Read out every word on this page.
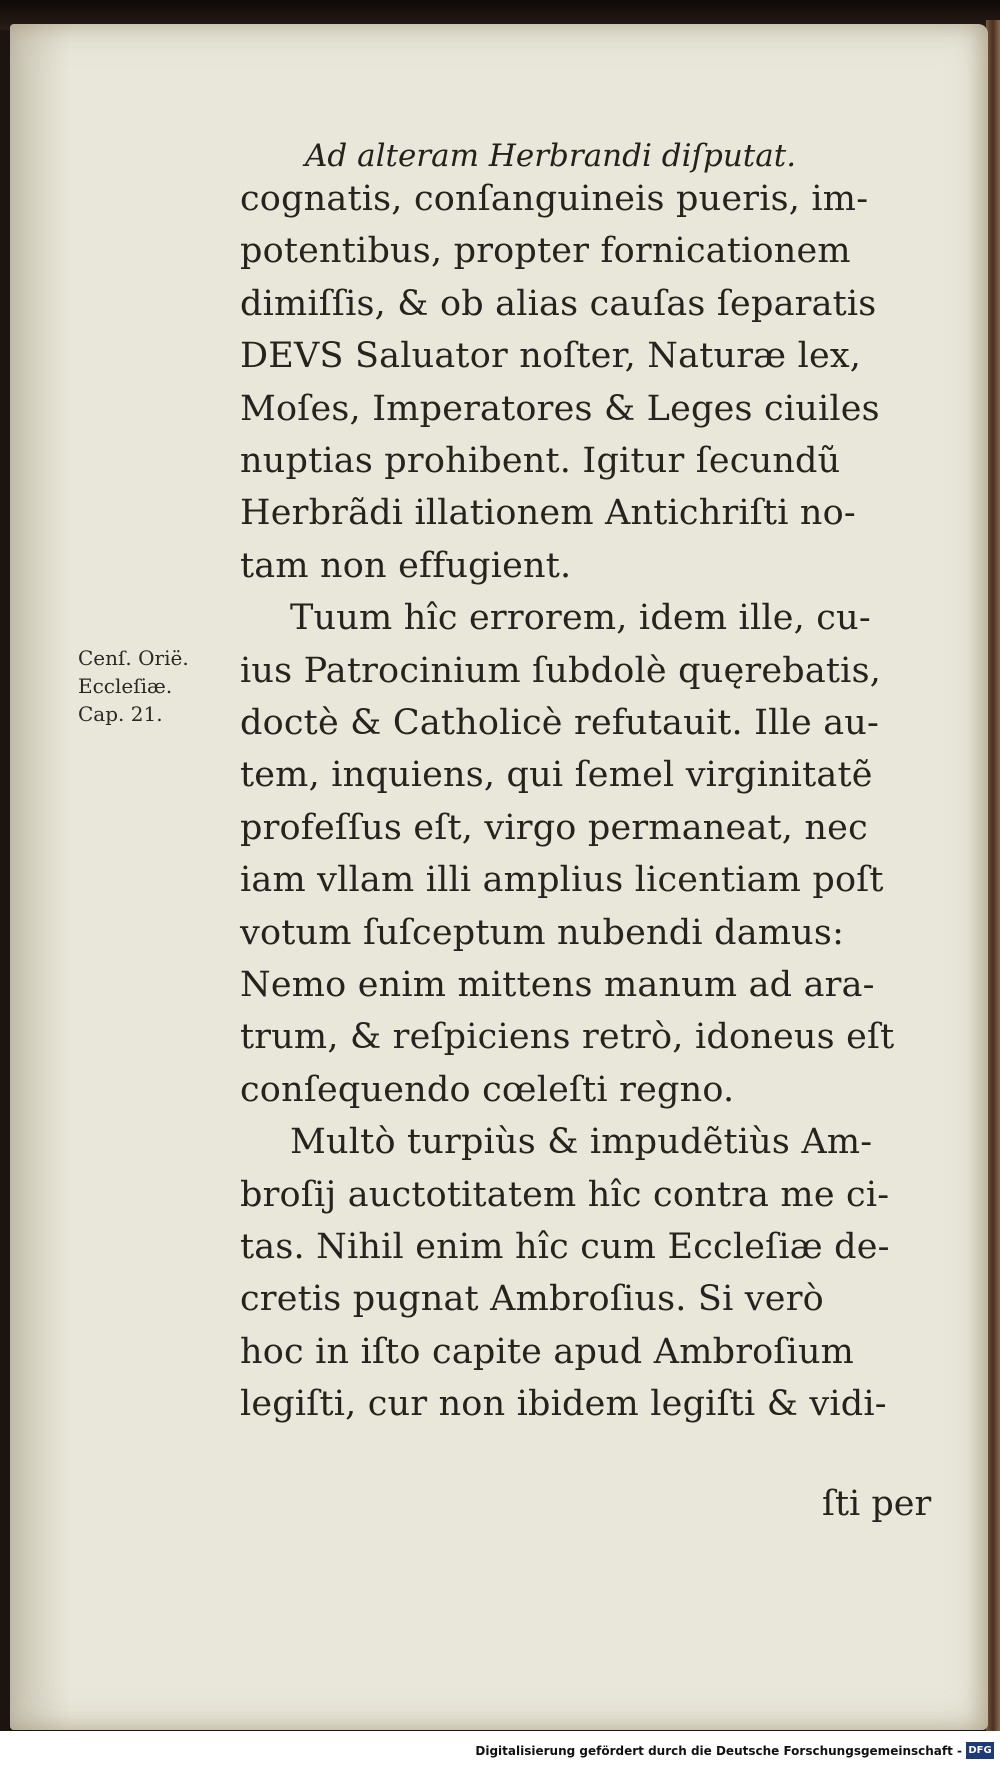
Ad alteram Herbrandi diſputat.
cognatis, conſanguineis pueris, im-
potentibus, propter fornicationem
dimiſſis, & ob alias cauſas ſeparatis
DEVS Saluator noſter, Naturæ lex,
Moſes, Imperatores & Leges ciuiles
nuptias prohibent. Igitur ſecundũ
Herbrãdi illationem Antichriſti no-
tam non effugient.
Tuum hîc errorem, idem ille, cu-
ius Patrocinium ſubdolè quęrebatis,
doctè & Catholicè refutauit. Ille au-
tem, inquiens, qui ſemel virginitatẽ
profeſſus eſt, virgo permaneat, nec
iam vllam illi amplius licentiam poſt
votum ſuſceptum nubendi damus:
Nemo enim mittens manum ad ara-
trum, & reſpiciens retrò, idoneus eſt
conſequendo cœleſti regno.
Multò turpiùs & impudẽtiùs Am-
broſij auctotitatem hîc contra me ci-
tas. Nihil enim hîc cum Eccleſiæ de-
cretis pugnat Ambroſius. Si verò
hoc in iſto capite apud Ambroſium
legiſti, cur non ibidem legiſti & vidi-
Cenſ. Orië.
Eccleſiæ.
Cap. 21.
ſti per
Digitalisierung gefördert durch die Deutsche Forschungsgemeinschaft - DFG
